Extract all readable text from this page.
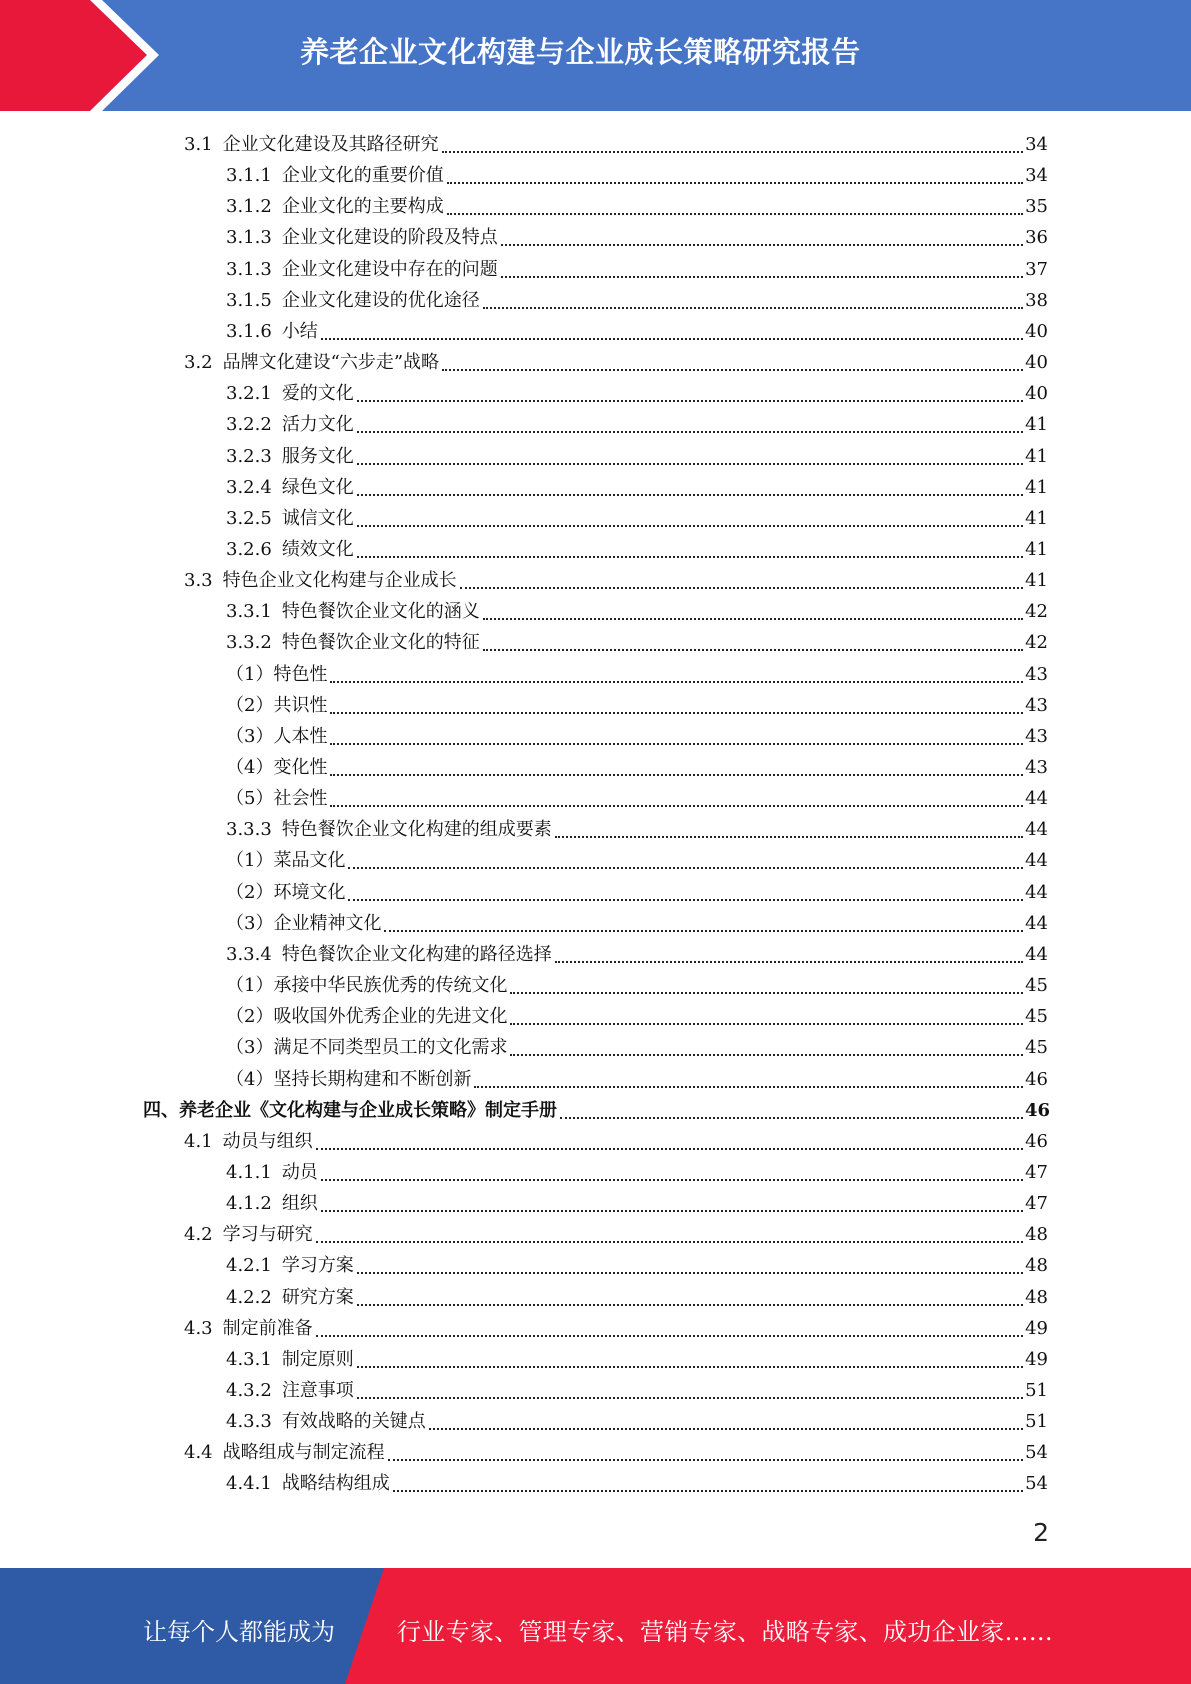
养老企业文化构建与企业成长策略研究报告
3.1 企业文化建设及其路径研究	34
3.1.1 企业文化的重要价值	34
3.1.2 企业文化的主要构成	35
3.1.3 企业文化建设的阶段及特点	36
3.1.3 企业文化建设中存在的问题	37
3.1.5 企业文化建设的优化途径	38
3.1.6 小结	40
3.2 品牌文化建设“六步走”战略	40
3.2.1 爱的文化	40
3.2.2 活力文化	41
3.2.3 服务文化	41
3.2.4 绿色文化	41
3.2.5 诚信文化	41
3.2.6 绩效文化	41
3.3 特色企业文化构建与企业成长	41
3.3.1 特色餐饮企业文化的涵义	42
3.3.2 特色餐饮企业文化的特征	42
（1） 特色性	43
（2） 共识性	43
（3） 人本性	43
（4） 变化性	43
（5） 社会性	44
3.3.3 特色餐饮企业文化构建的组成要素	44
（1） 菜品文化	44
（2） 环境文化	44
（3） 企业精神文化	44
3.3.4 特色餐饮企业文化构建的路径选择	44
（1） 承接中华民族优秀的传统文化	45
（2） 吸收国外优秀企业的先进文化	45
（3） 满足不同类型员工的文化需求	45
（4） 坚持长期构建和不断创新	46
四、 养老企业《文化构建与企业成长策略》制定手册	46
4.1 动员与组织	46
4.1.1 动员	47
4.1.2 组织	47
4.2 学习与研究	48
4.2.1 学习方案	48
4.2.2 研究方案	48
4.3 制定前准备	49
4.3.1 制定原则	49
4.3.2 注意事项	51
4.3.3 有效战略的关键点	51
4.4 战略组成与制定流程	54
4.4.1 战略结构组成	54
2
让每个人都能成为	行业专家、管理专家、营销专家、战略专家、成功企业家……
